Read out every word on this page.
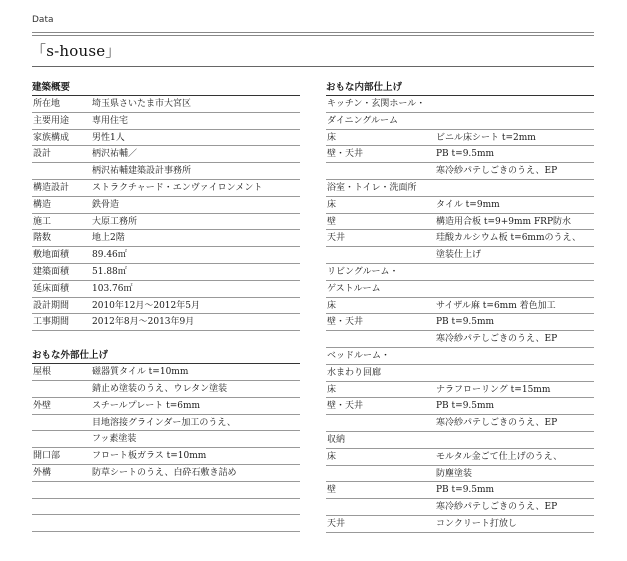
Data
「s-house」
建築概要
所在地	埼玉県さいたま市大宮区
主要用途	専用住宅
家族構成	男性1人
設計	柄沢祐輔／
柄沢祐輔建築設計事務所
構造設計	ストラクチャード・エンヴァイロンメント
構造	鉄骨造
施工	大原工務所
階数	地上2階
敷地面積	89.46㎡
建築面積	51.88㎡
延床面積	103.76㎡
設計期間	2010年12月～2012年5月
工事期間	2012年8月～2013年9月
おもな外部仕上げ
屋根	磁器質タイル t=10mm
錆止め塗装のうえ、ウレタン塗装
外壁	スチールプレート t=6mm
目地溶接グラインダー加工のうえ、
フッ素塗装
開口部	フロート板ガラス t=10mm
外構	防草シートのうえ、白砕石敷き詰め
おもな内部仕上げ
キッチン・玄関ホール・
ダイニングルーム
床	ビニル床シート t=2mm
壁・天井	PB t=9.5mm
寒冷紗パテしごきのうえ、EP
浴室・トイレ・洗面所
床	タイル t=9mm
壁	構造用合板 t=9+9mm FRP防水
天井	珪酸カルシウム板 t=6mmのうえ、
塗装仕上げ
リビングルーム・
ゲストルーム
床	サイザル麻 t=6mm 着色加工
壁・天井	PB t=9.5mm
寒冷紗パテしごきのうえ、EP
ベッドルーム・
水まわり回廊
床	ナラフローリング t=15mm
壁・天井	PB t=9.5mm
寒冷紗パテしごきのうえ、EP
収納
床	モルタル金ごて仕上げのうえ、
防塵塗装
壁	PB t=9.5mm
寒冷紗パテしごきのうえ、EP
天井	コンクリート打放し
